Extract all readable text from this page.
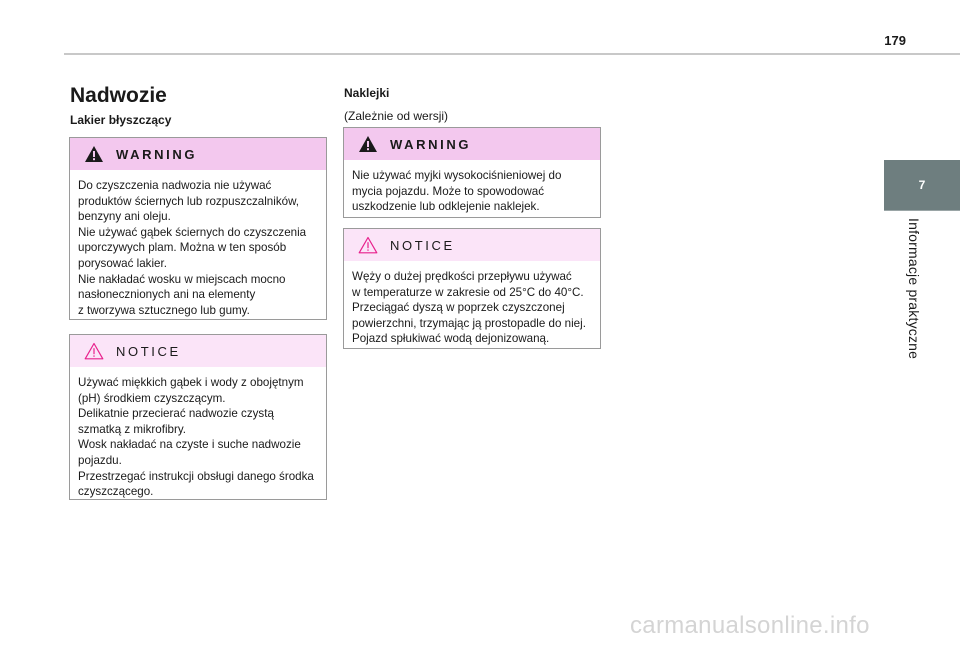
179
7
Informacje praktyczne
Nadwozie
Lakier błyszczący
WARNING
Do czyszczenia nadwozia nie używać
produktów ściernych lub rozpuszczalników,
benzyny ani oleju.
Nie używać gąbek ściernych do czyszczenia
uporczywych plam. Można w ten sposób
porysować lakier.
Nie nakładać wosku w miejscach mocno
nasłonecznionych ani na elementy
z tworzywa sztucznego lub gumy.
NOTICE
Używać miękkich gąbek i wody z obojętnym
(pH) środkiem czyszczącym.
Delikatnie przecierać nadwozie czystą
szmatką z mikrofibry.
Wosk nakładać na czyste i suche nadwozie
pojazdu.
Przestrzegać instrukcji obsługi danego środka
czyszczącego.
Naklejki
(Zależnie od wersji)
WARNING
Nie używać myjki wysokociśnieniowej do
mycia pojazdu. Może to spowodować
uszkodzenie lub odklejenie naklejek.
NOTICE
Węży o dużej prędkości przepływu używać
w temperaturze w zakresie od 25°C do 40°C.
Przeciągać dyszą w poprzek czyszczonej
powierzchni, trzymając ją prostopadle do niej.
Pojazd spłukiwać wodą dejonizowaną.
carmanualsonline.info
